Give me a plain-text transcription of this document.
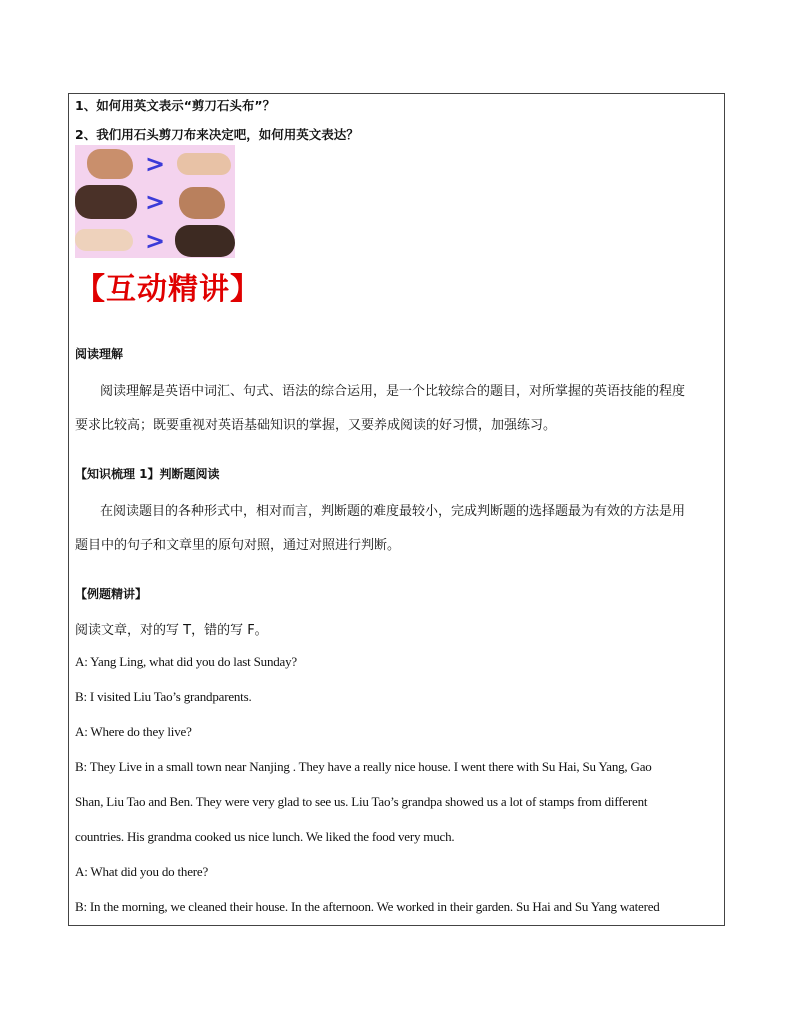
1、如何用英文表示“剪刀石头布”？
2、我们用石头剪刀布来决定吧，如何用英文表达？
>
>
>
【互动精讲】
阅读理解
阅读理解是英语中词汇、句式、语法的综合运用，是一个比较综合的题目，对所掌握的英语技能的程度
要求比较高；既要重视对英语基础知识的掌握，又要养成阅读的好习惯，加强练习。
【知识梳理 1】判断题阅读
在阅读题目的各种形式中，相对而言，判断题的难度最较小，完成判断题的选择题最为有效的方法是用
题目中的句子和文章里的原句对照，通过对照进行判断。
【例题精讲】
阅读文章，对的写 T，错的写 F。
A: Yang Ling, what did you do last Sunday?
B: I visited Liu Tao’s grandparents.
A: Where do they live?
B: They Live in a small town near Nanjing . They have a really nice house. I went there with Su Hai, Su Yang, Gao
Shan, Liu Tao and Ben. They were very glad to see us. Liu Tao’s grandpa showed us a lot of stamps from different
countries. His grandma cooked us nice lunch. We liked the food very much.
A: What did you do there?
B: In the morning, we cleaned their house. In the afternoon. We worked in their garden. Su Hai and Su Yang watered
